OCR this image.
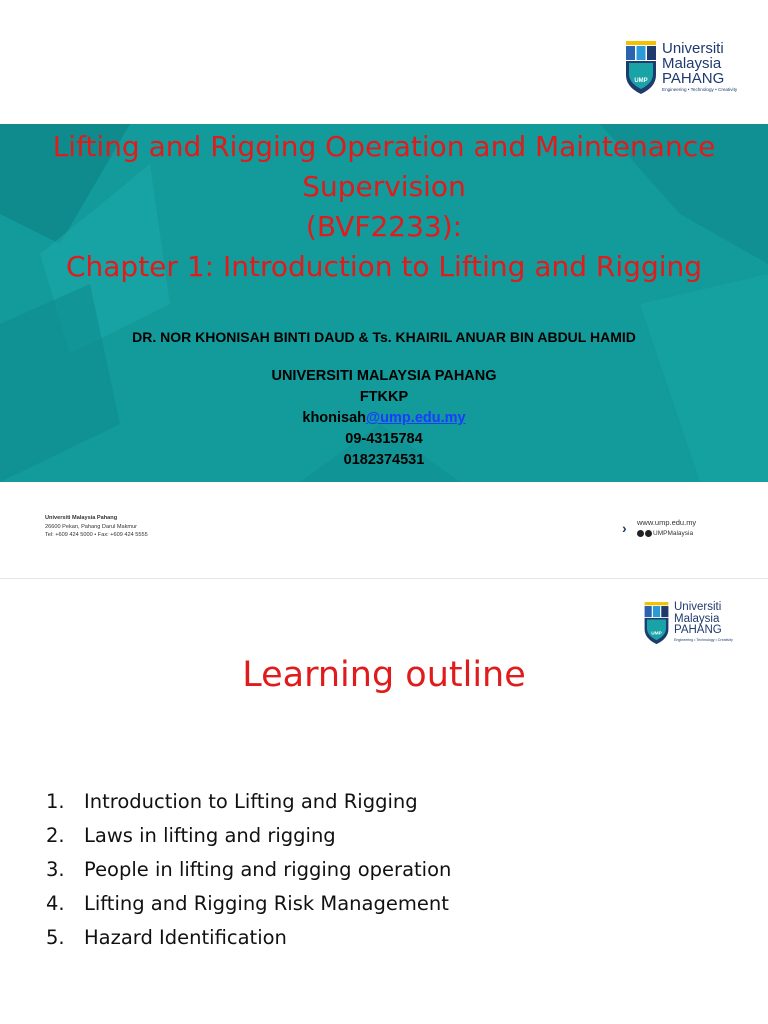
UMP
Universiti
Malaysia
PAHANG
Engineering • Technology • Creativity
Lifting and Rigging Operation and Maintenance
Supervision
(BVF2233):
Chapter 1: Introduction to Lifting and Rigging
DR. NOR KHONISAH BINTI DAUD & Ts. KHAIRIL ANUAR BIN ABDUL HAMID
UNIVERSITI MALAYSIA PAHANG
FTKKP
khonisah@ump.edu.my
09-4315784
0182374531
Universiti Malaysia Pahang
26600 Pekan, Pahang Darul Makmur
Tel: +609 424 5000 • Fax: +609 424 5555	› www.ump.edu.my
UMPMalaysia
UMP
Universiti
Malaysia
PAHANG
Engineering • Technology • Creativity
Learning outline
1. Introduction to Lifting and Rigging
2. Laws in lifting and rigging
3. People in lifting and rigging operation
4. Lifting and Rigging Risk Management
5. Hazard Identification
